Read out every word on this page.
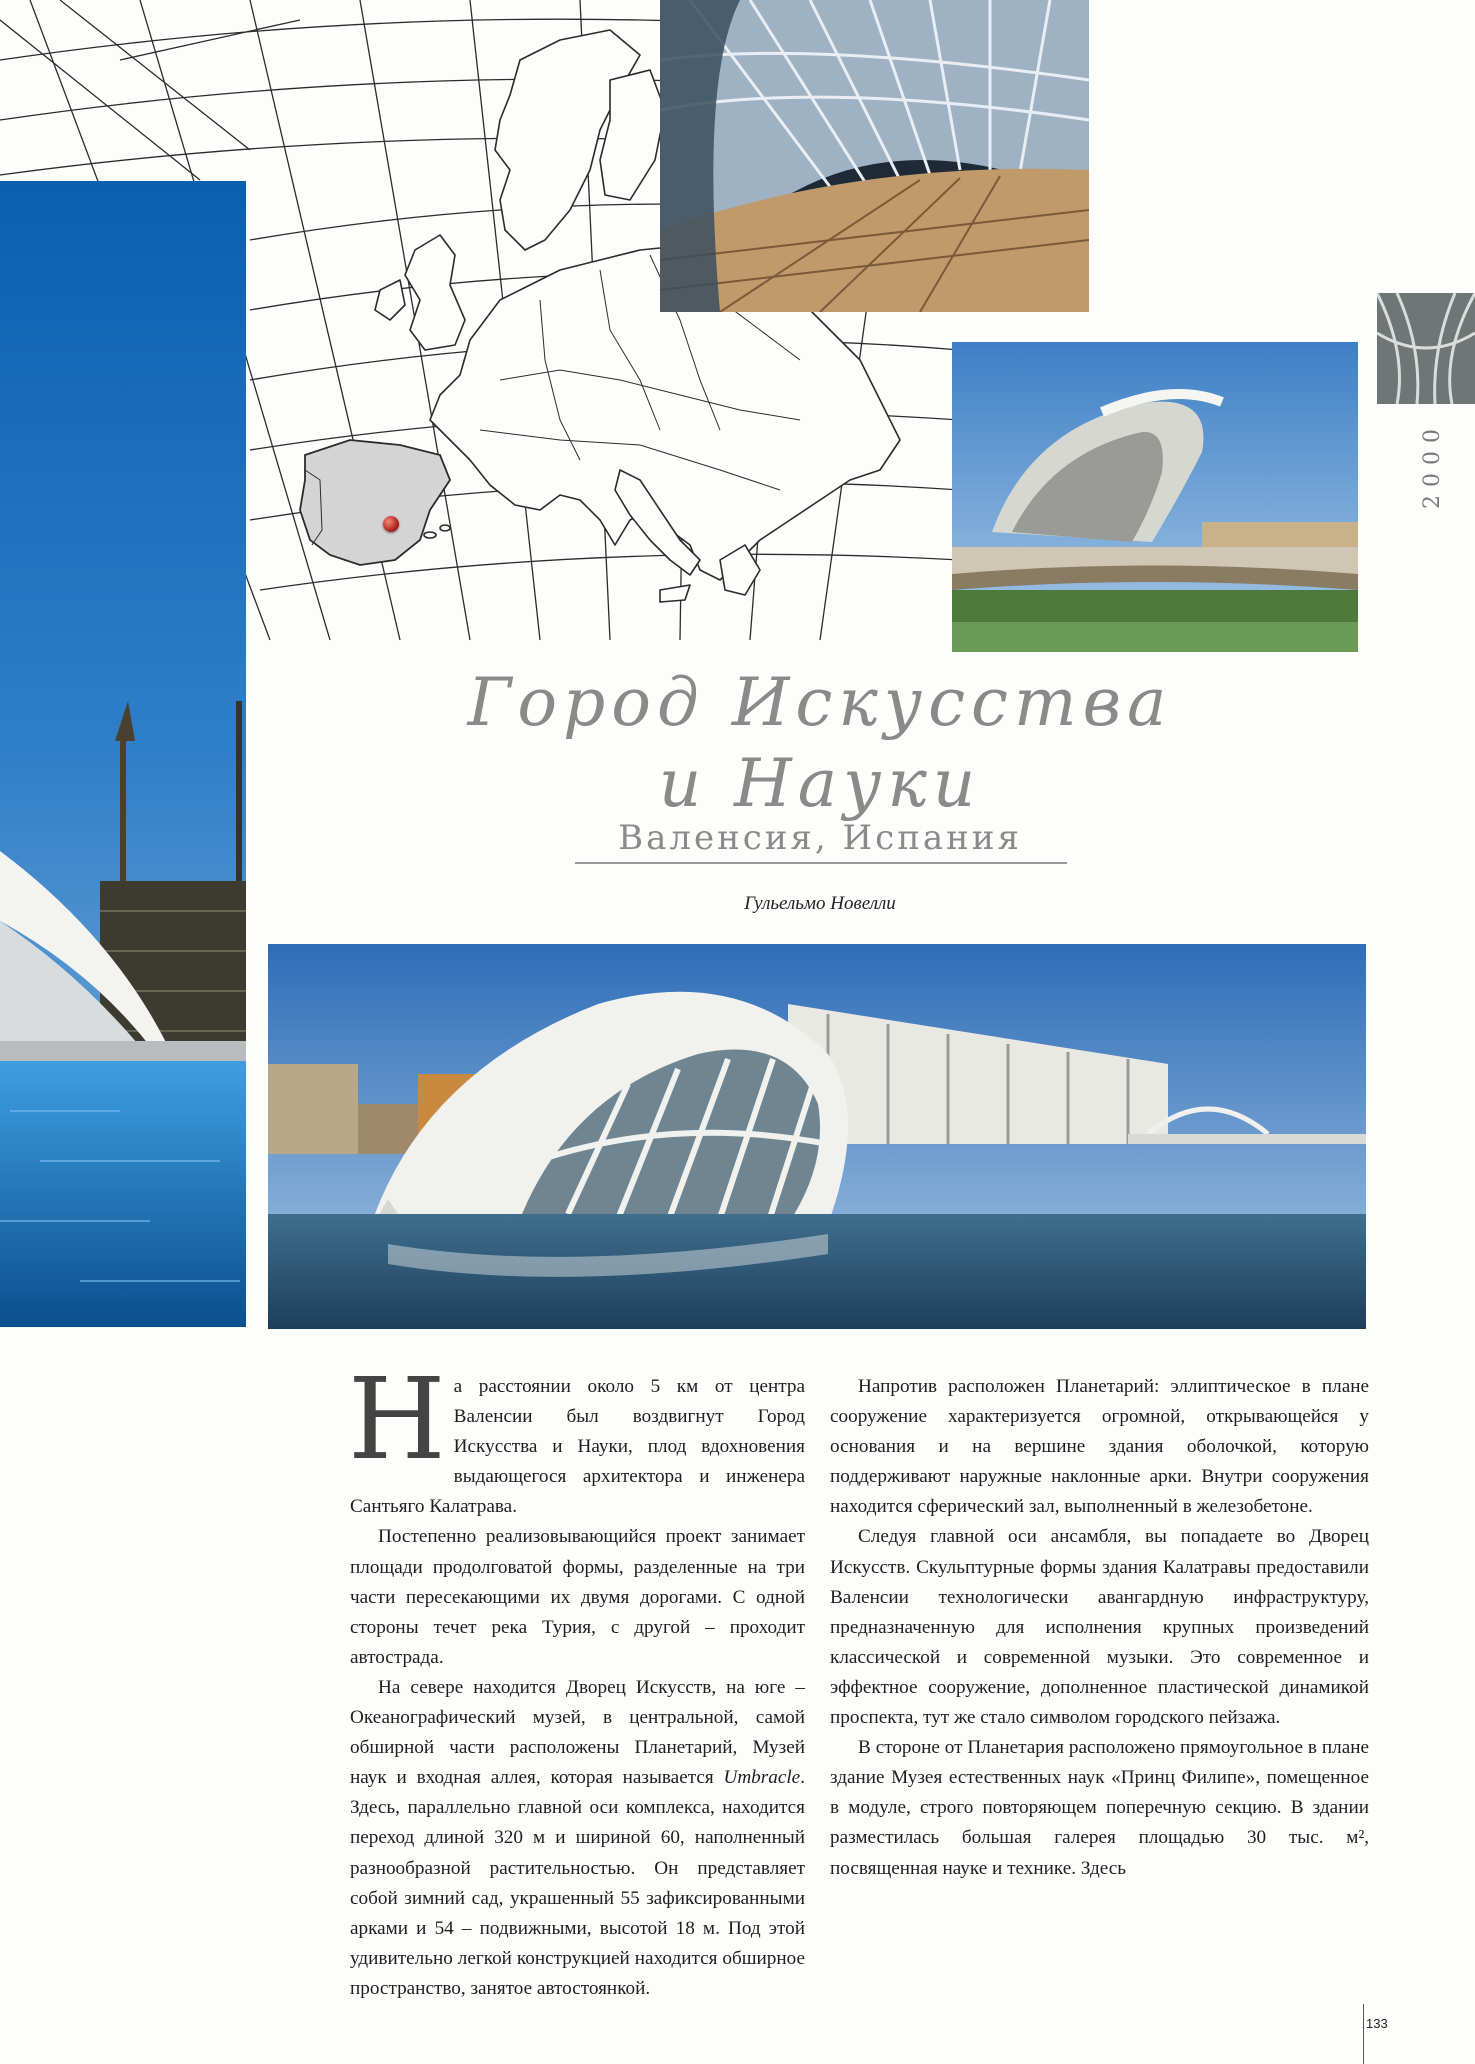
2000
Город Искусства
и Науки
Валенсия, Испания
Гульельмо Новелли

На расстоянии около 5 км от центра Валенсии был воздвигнут Город Искусства и Науки, плод вдохновения выдающегося архитектора и инженера Сантьяго Калатрава.

Постепенно реализовывающийся проект занимает площади продолговатой формы, разделенные на три части пересекающими их двумя дорогами. С одной стороны течет река Турия, с другой – проходит автострада.

На севере находится Дворец Искусств, на юге – Океанографический музей, в центральной, самой обширной части расположены Планетарий, Музей наук и входная аллея, которая называется Umbracle. Здесь, параллельно главной оси комплекса, находится переход длиной 320 м и шириной 60, наполненный разнообразной растительностью. Он представляет собой зимний сад, украшенный 55 зафиксированными арками и 54 – подвижными, высотой 18 м. Под этой удивительно легкой конструкцией находится обширное пространство, занятое автостоянкой.

Напротив расположен Планетарий: эллиптическое в плане сооружение характеризуется огромной, открывающейся у основания и на вершине здания оболочкой, которую поддерживают наружные наклонные арки. Внутри сооружения находится сферический зал, выполненный в железобетоне.

Следуя главной оси ансамбля, вы попадаете во Дворец Искусств. Скульптурные формы здания Калатравы предоставили Валенсии технологически авангардную инфраструктуру, предназначенную для исполнения крупных произведений классической и современной музыки. Это современное и эффектное сооружение, дополненное пластической динамикой проспекта, тут же стало символом городского пейзажа.

В стороне от Планетария расположено прямоугольное в плане здание Музея естественных наук «Принц Филипе», помещенное в модуле, строго повторяющем поперечную секцию. В здании разместилась большая галерея площадью 30 тыс. м², посвященная науке и технике. Здесь

133
